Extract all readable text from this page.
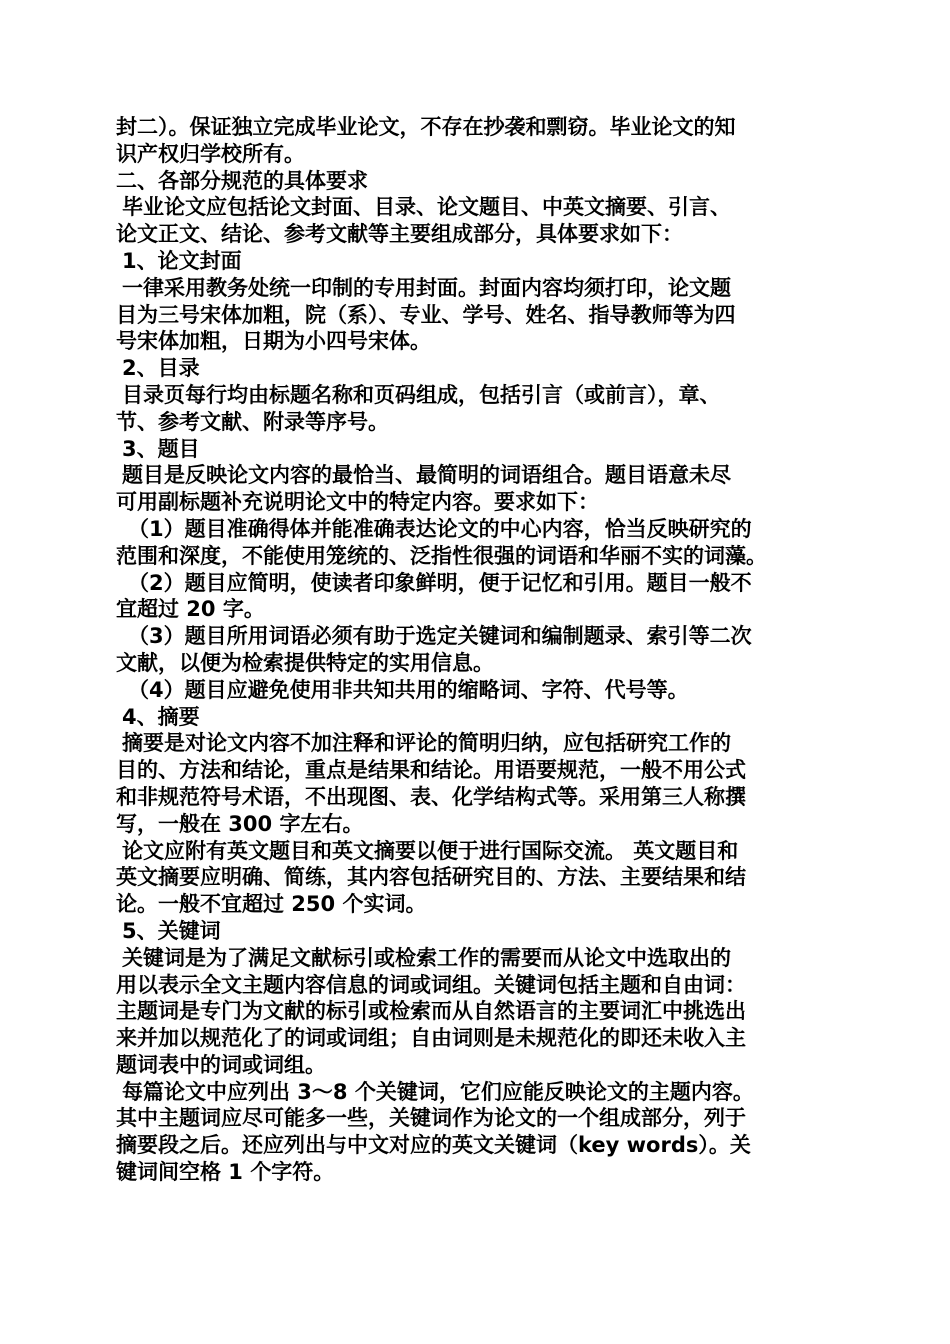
封二）。保证独立完成毕业论文，不存在抄袭和剽窃。毕业论文的知
识产权归学校所有。
二、各部分规范的具体要求
毕业论文应包括论文封面、目录、论文题目、中英文摘要、引言、
论文正文、结论、参考文献等主要组成部分，具体要求如下：
1、论文封面
一律采用教务处统一印制的专用封面。封面内容均须打印，论文题
目为三号宋体加粗，院（系）、专业、学号、姓名、指导教师等为四
号宋体加粗，日期为小四号宋体。
2、目录
目录页每行均由标题名称和页码组成，包括引言（或前言），章、
节、参考文献、附录等序号。
3、题目
题目是反映论文内容的最恰当、最简明的词语组合。题目语意未尽
可用副标题补充说明论文中的特定内容。要求如下：
（1）题目准确得体并能准确表达论文的中心内容，恰当反映研究的
范围和深度，不能使用笼统的、泛指性很强的词语和华丽不实的词藻。
（2）题目应简明，使读者印象鲜明，便于记忆和引用。题目一般不
宜超过 20 字。
（3）题目所用词语必须有助于选定关键词和编制题录、索引等二次
文献，以便为检索提供特定的实用信息。
（4）题目应避免使用非共知共用的缩略词、字符、代号等。
4、摘要
摘要是对论文内容不加注释和评论的简明归纳，应包括研究工作的
目的、方法和结论，重点是结果和结论。用语要规范，一般不用公式
和非规范符号术语，不出现图、表、化学结构式等。采用第三人称撰
写，一般在 300 字左右。
论文应附有英文题目和英文摘要以便于进行国际交流。 英文题目和
英文摘要应明确、简练，其内容包括研究目的、方法、主要结果和结
论。一般不宜超过 250 个实词。
5、关键词
关键词是为了满足文献标引或检索工作的需要而从论文中选取出的
用以表示全文主题内容信息的词或词组。关键词包括主题和自由词：
主题词是专门为文献的标引或检索而从自然语言的主要词汇中挑选出
来并加以规范化了的词或词组；自由词则是未规范化的即还未收入主
题词表中的词或词组。
每篇论文中应列出 3～8 个关键词，它们应能反映论文的主题内容。
其中主题词应尽可能多一些，关键词作为论文的一个组成部分，列于
摘要段之后。还应列出与中文对应的英文关键词（key words）。关
键词间空格 1 个字符。
